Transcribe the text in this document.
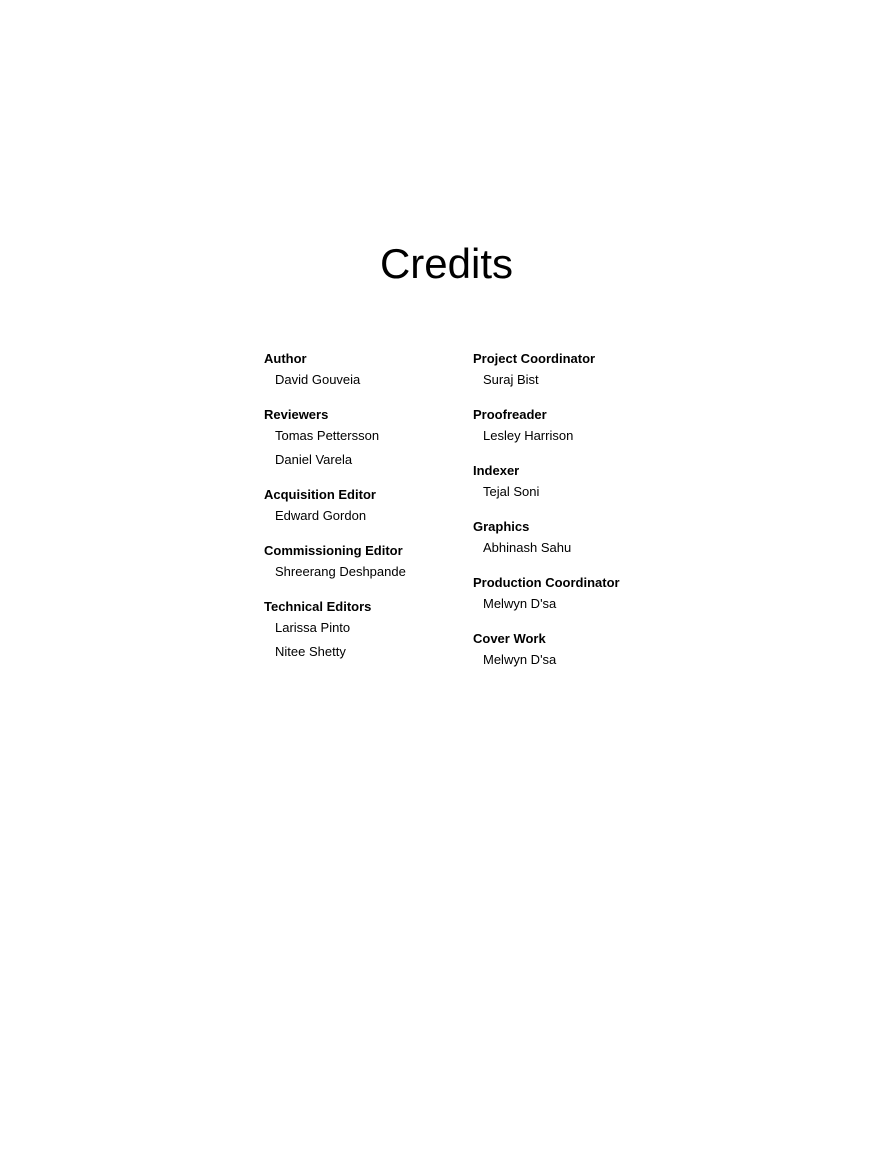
Credits
Author
David Gouveia
Reviewers
Tomas Pettersson
Daniel Varela
Acquisition Editor
Edward Gordon
Commissioning Editor
Shreerang Deshpande
Technical Editors
Larissa Pinto
Nitee Shetty
Project Coordinator
Suraj Bist
Proofreader
Lesley Harrison
Indexer
Tejal Soni
Graphics
Abhinash Sahu
Production Coordinator
Melwyn D'sa
Cover Work
Melwyn D'sa
